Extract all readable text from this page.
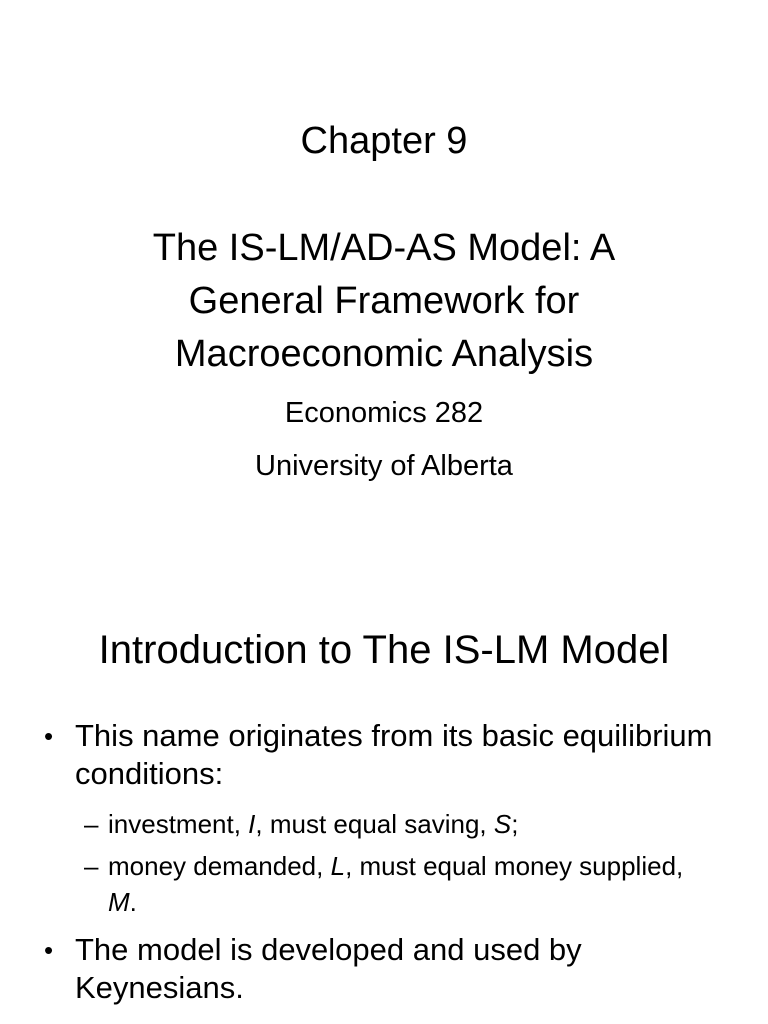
Chapter 9
The IS-LM/AD-AS Model: A
General Framework for
Macroeconomic Analysis
Economics 282
University of Alberta
Introduction to The IS-LM Model
• This name originates from its basic equilibrium conditions:
– investment, I, must equal saving, S;
– money demanded, L, must equal money supplied, M.
• The model is developed and used by Keynesians.
